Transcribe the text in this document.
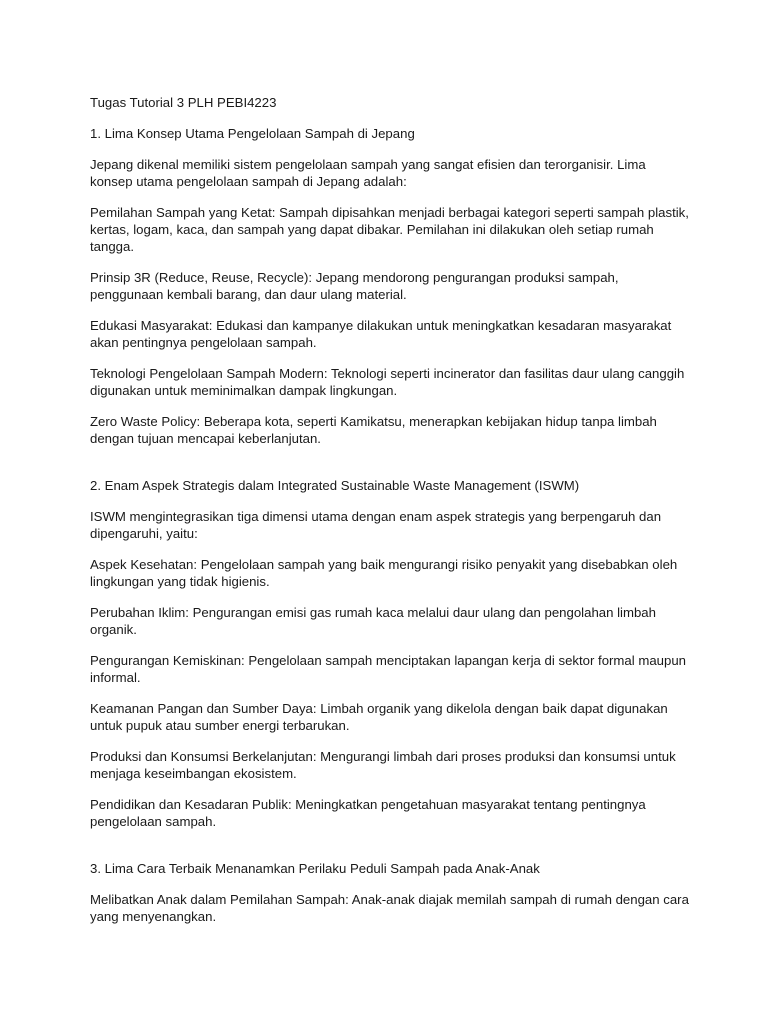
Tugas Tutorial 3 PLH PEBI4223

1. Lima Konsep Utama Pengelolaan Sampah di Jepang

Jepang dikenal memiliki sistem pengelolaan sampah yang sangat efisien dan terorganisir. Lima konsep utama pengelolaan sampah di Jepang adalah:

Pemilahan Sampah yang Ketat: Sampah dipisahkan menjadi berbagai kategori seperti sampah plastik, kertas, logam, kaca, dan sampah yang dapat dibakar. Pemilahan ini dilakukan oleh setiap rumah tangga.

Prinsip 3R (Reduce, Reuse, Recycle): Jepang mendorong pengurangan produksi sampah, penggunaan kembali barang, dan daur ulang material.

Edukasi Masyarakat: Edukasi dan kampanye dilakukan untuk meningkatkan kesadaran masyarakat akan pentingnya pengelolaan sampah.

Teknologi Pengelolaan Sampah Modern: Teknologi seperti incinerator dan fasilitas daur ulang canggih digunakan untuk meminimalkan dampak lingkungan.

Zero Waste Policy: Beberapa kota, seperti Kamikatsu, menerapkan kebijakan hidup tanpa limbah dengan tujuan mencapai keberlanjutan.

2. Enam Aspek Strategis dalam Integrated Sustainable Waste Management (ISWM)

ISWM mengintegrasikan tiga dimensi utama dengan enam aspek strategis yang berpengaruh dan dipengaruhi, yaitu:

Aspek Kesehatan: Pengelolaan sampah yang baik mengurangi risiko penyakit yang disebabkan oleh lingkungan yang tidak higienis.

Perubahan Iklim: Pengurangan emisi gas rumah kaca melalui daur ulang dan pengolahan limbah organik.

Pengurangan Kemiskinan: Pengelolaan sampah menciptakan lapangan kerja di sektor formal maupun informal.

Keamanan Pangan dan Sumber Daya: Limbah organik yang dikelola dengan baik dapat digunakan untuk pupuk atau sumber energi terbarukan.

Produksi dan Konsumsi Berkelanjutan: Mengurangi limbah dari proses produksi dan konsumsi untuk menjaga keseimbangan ekosistem.

Pendidikan dan Kesadaran Publik: Meningkatkan pengetahuan masyarakat tentang pentingnya pengelolaan sampah.

3. Lima Cara Terbaik Menanamkan Perilaku Peduli Sampah pada Anak-Anak

Melibatkan Anak dalam Pemilahan Sampah: Anak-anak diajak memilah sampah di rumah dengan cara yang menyenangkan.
